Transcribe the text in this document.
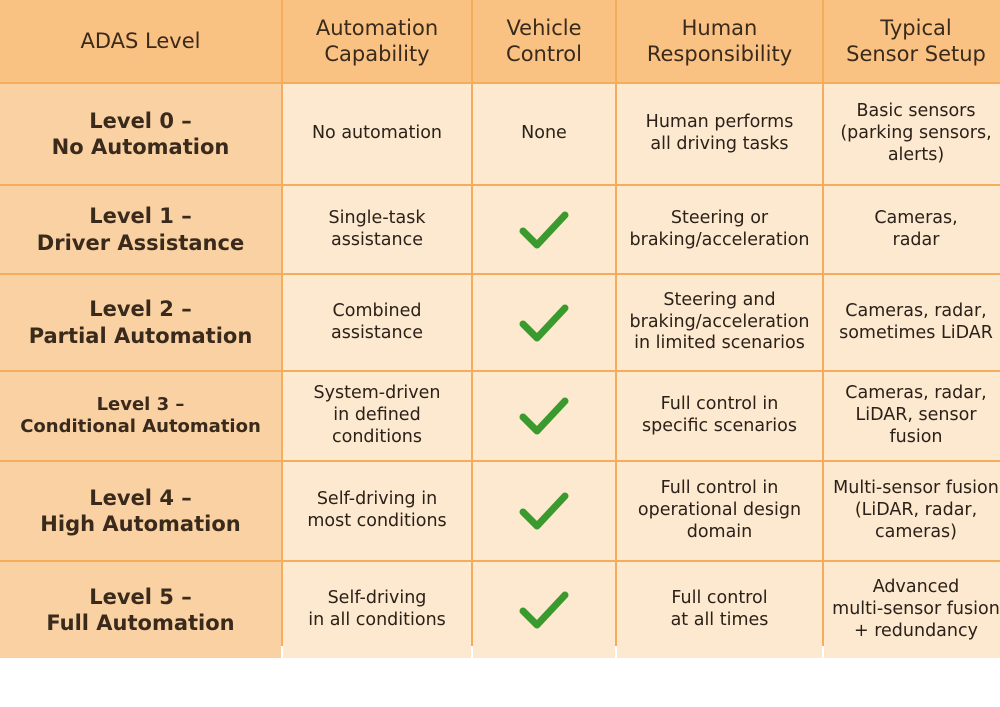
ADAS Level
Automation
Capability
Vehicle
Control
Human
Responsibility
Typical
Sensor Setup
Level 0 –
No Automation
No automation	None
Human performs
all driving tasks
Basic sensors
(parking sensors,
alerts)
Level 1 –
Driver Assistance
Single-task
assistance
Steering or
braking/acceleration
Cameras,
radar
Level 2 –
Partial Automation
Combined
assistance
Steering and
braking/acceleration
in limited scenarios
Cameras, radar,
sometimes LiDAR
Level 3 –
Conditional Automation
System-driven
in defined conditions
Full control in
specific scenarios
Cameras, radar,
LiDAR, sensor
fusion
Level 4 –
High Automation
Self-driving in
most conditions
Full control in
operational design
domain
Multi-sensor fusion
(LiDAR, radar,
cameras)
Level 5 –
Full Automation
Self-driving
in all conditions
Full control
at all times
Advanced
multi-sensor fusion
+ redundancy
